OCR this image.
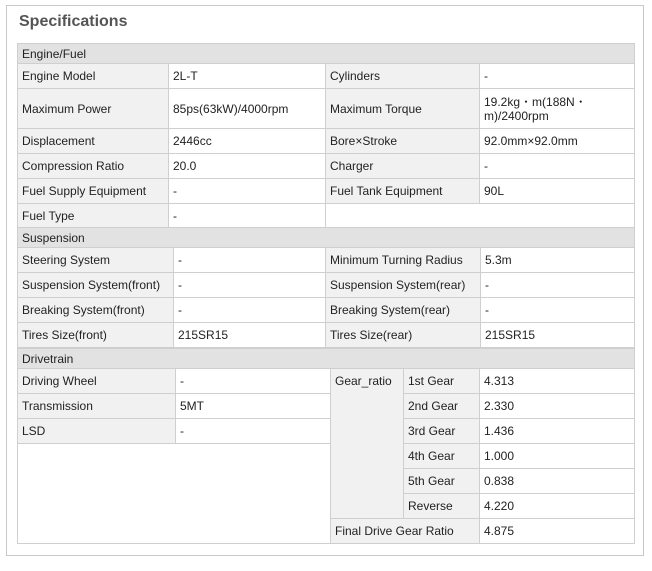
Specifications
Engine/Fuel			
Engine Model	2L-T	Cylinders	-
Maximum Power	85ps(63kW)/4000rpm	Maximum Torque	19.2kg・m(188N・m)/2400rpm
Displacement	2446cc	Bore×Stroke	92.0mm×92.0mm
Compression Ratio	20.0	Charger	-
Fuel Supply Equipment	-	Fuel Tank Equipment	90L
Fuel Type	-		
Suspension			
Steering System	-	Minimum Turning Radius	5.3m
Suspension System(front)	-	Suspension System(rear)	-
Breaking System(front)	-	Breaking System(rear)	-
Tires Size(front)	215SR15	Tires Size(rear)	215SR15
Drivetrain				
Driving Wheel	-	Gear_ratio	1st Gear	4.313
Transmission	5MT		2nd Gear	2.330
LSD	-		3rd Gear	1.436
			4th Gear	1.000
			5th Gear	0.838
			Reverse	4.220
		Final Drive Gear Ratio		4.875
